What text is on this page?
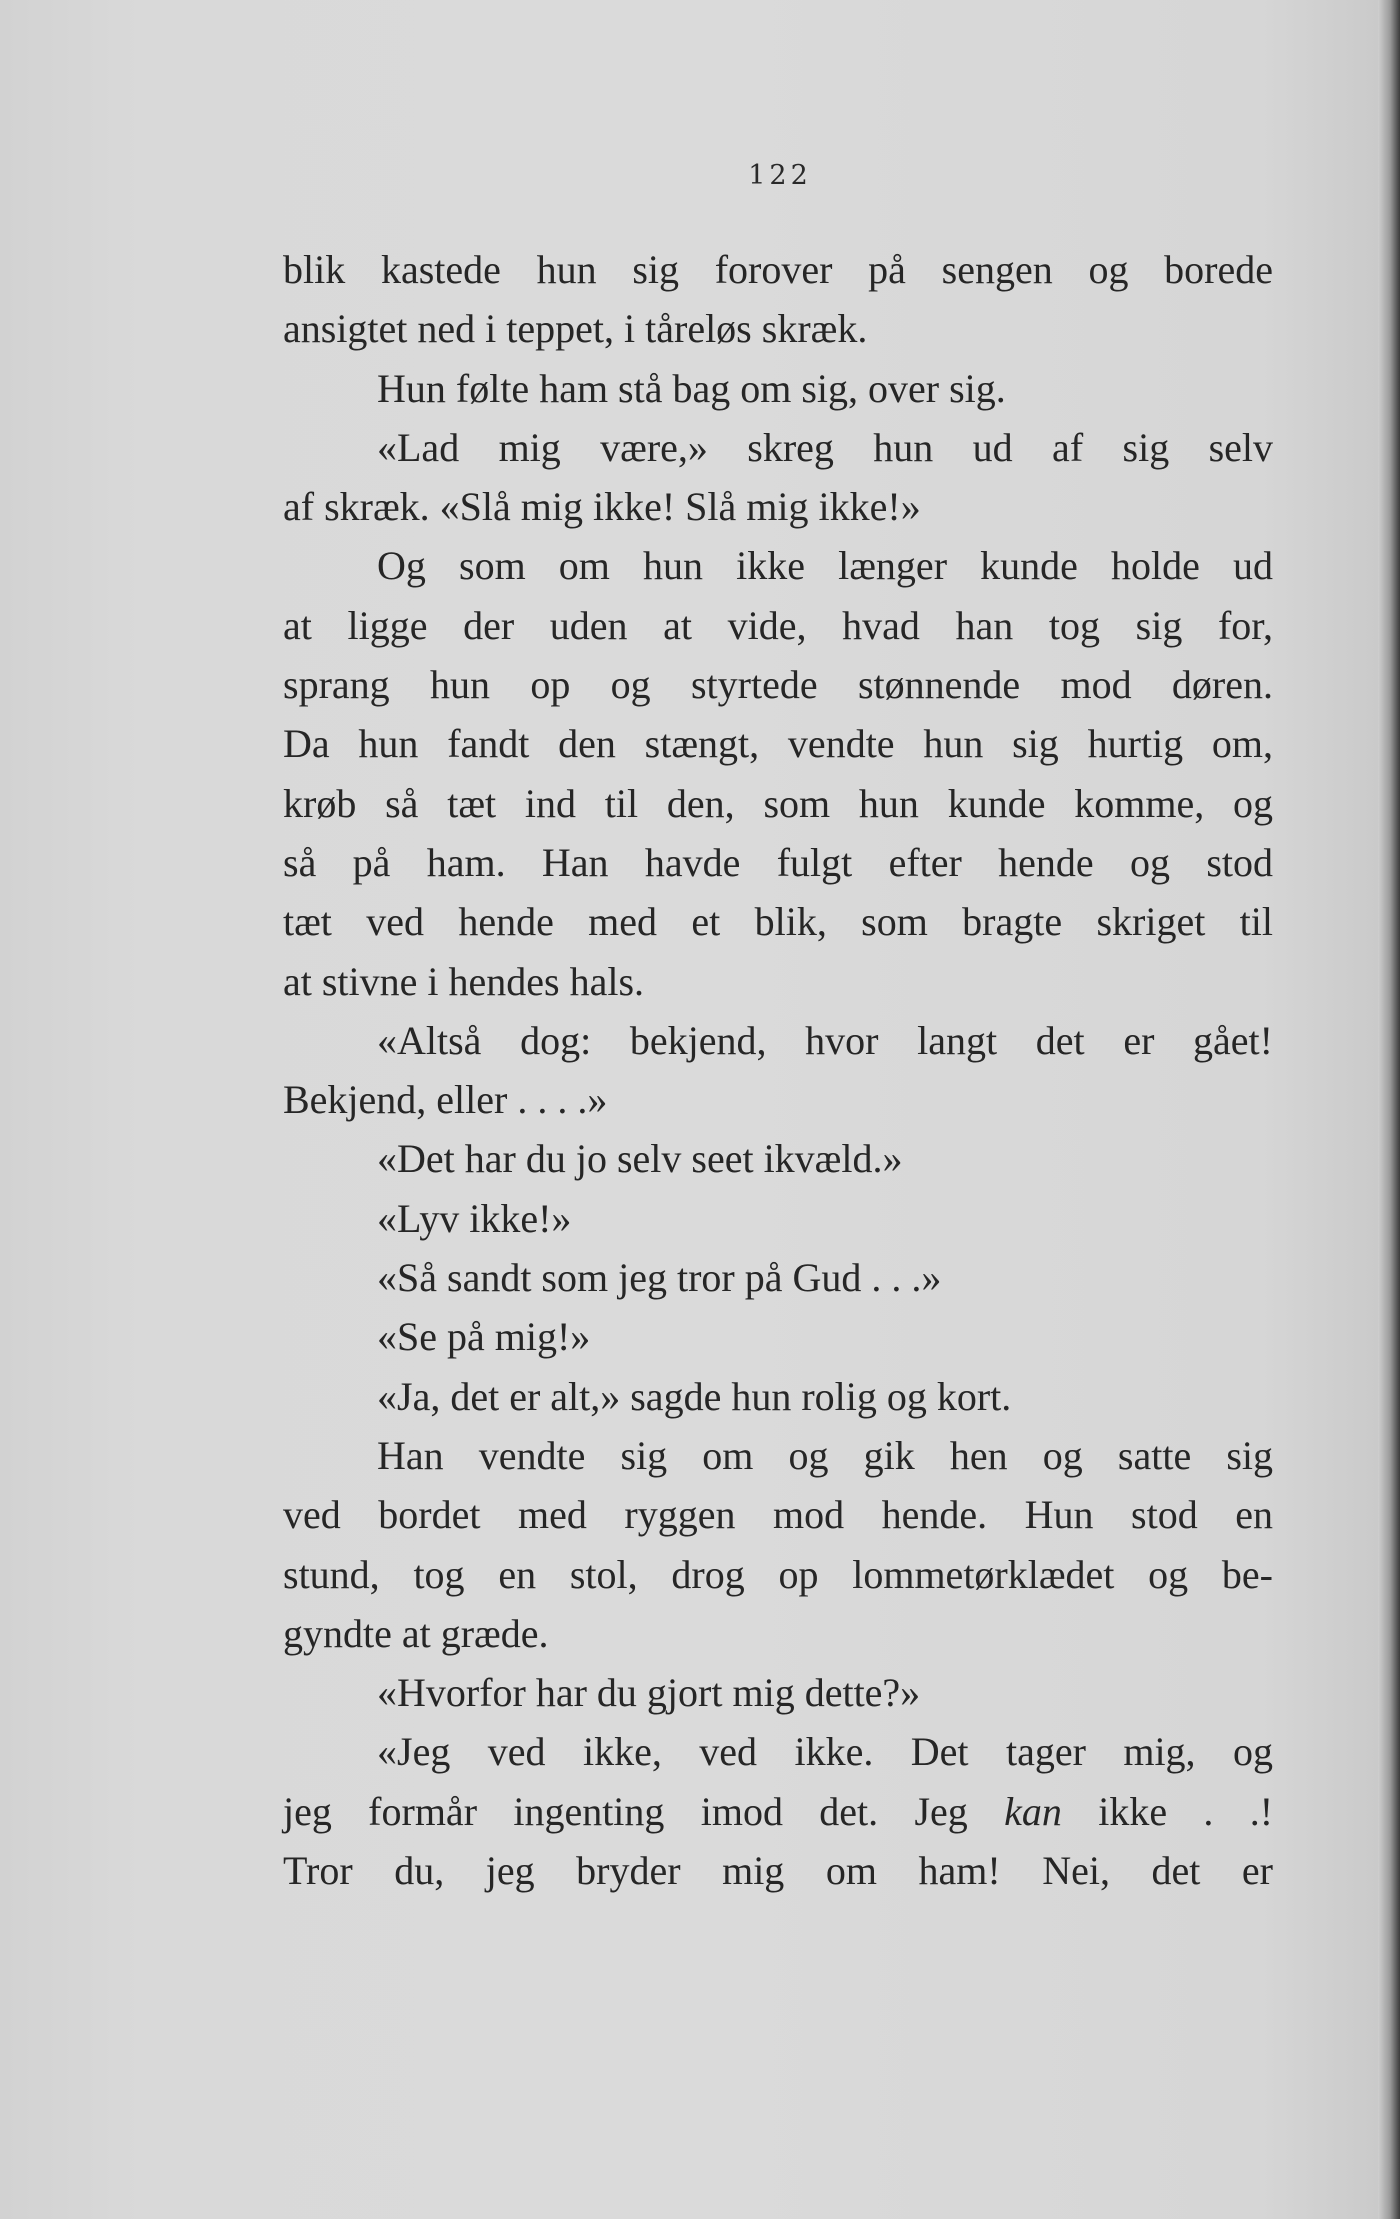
122
blik kastede hun sig forover på sengen og borede
ansigtet ned i teppet, i tåreløs skræk.
Hun følte ham stå bag om sig, over sig.
«Lad mig være,» skreg hun ud af sig selv
af skræk. «Slå mig ikke! Slå mig ikke!»
Og som om hun ikke længer kunde holde ud
at ligge der uden at vide, hvad han tog sig for,
sprang hun op og styrtede stønnende mod døren.
Da hun fandt den stængt, vendte hun sig hurtig om,
krøb så tæt ind til den, som hun kunde komme, og
så på ham. Han havde fulgt efter hende og stod
tæt ved hende med et blik, som bragte skriget til
at stivne i hendes hals.
«Altså dog: bekjend, hvor langt det er gået!
Bekjend, eller . . . .»
«Det har du jo selv seet ikvæld.»
«Lyv ikke!»
«Så sandt som jeg tror på Gud . . .»
«Se på mig!»
«Ja, det er alt,» sagde hun rolig og kort.
Han vendte sig om og gik hen og satte sig
ved bordet med ryggen mod hende. Hun stod en
stund, tog en stol, drog op lommetørklædet og be-
gyndte at græde.
«Hvorfor har du gjort mig dette?»
«Jeg ved ikke, ved ikke. Det tager mig, og
jeg formår ingenting imod det. Jeg kan ikke . .!
Tror du, jeg bryder mig om ham! Nei, det er
